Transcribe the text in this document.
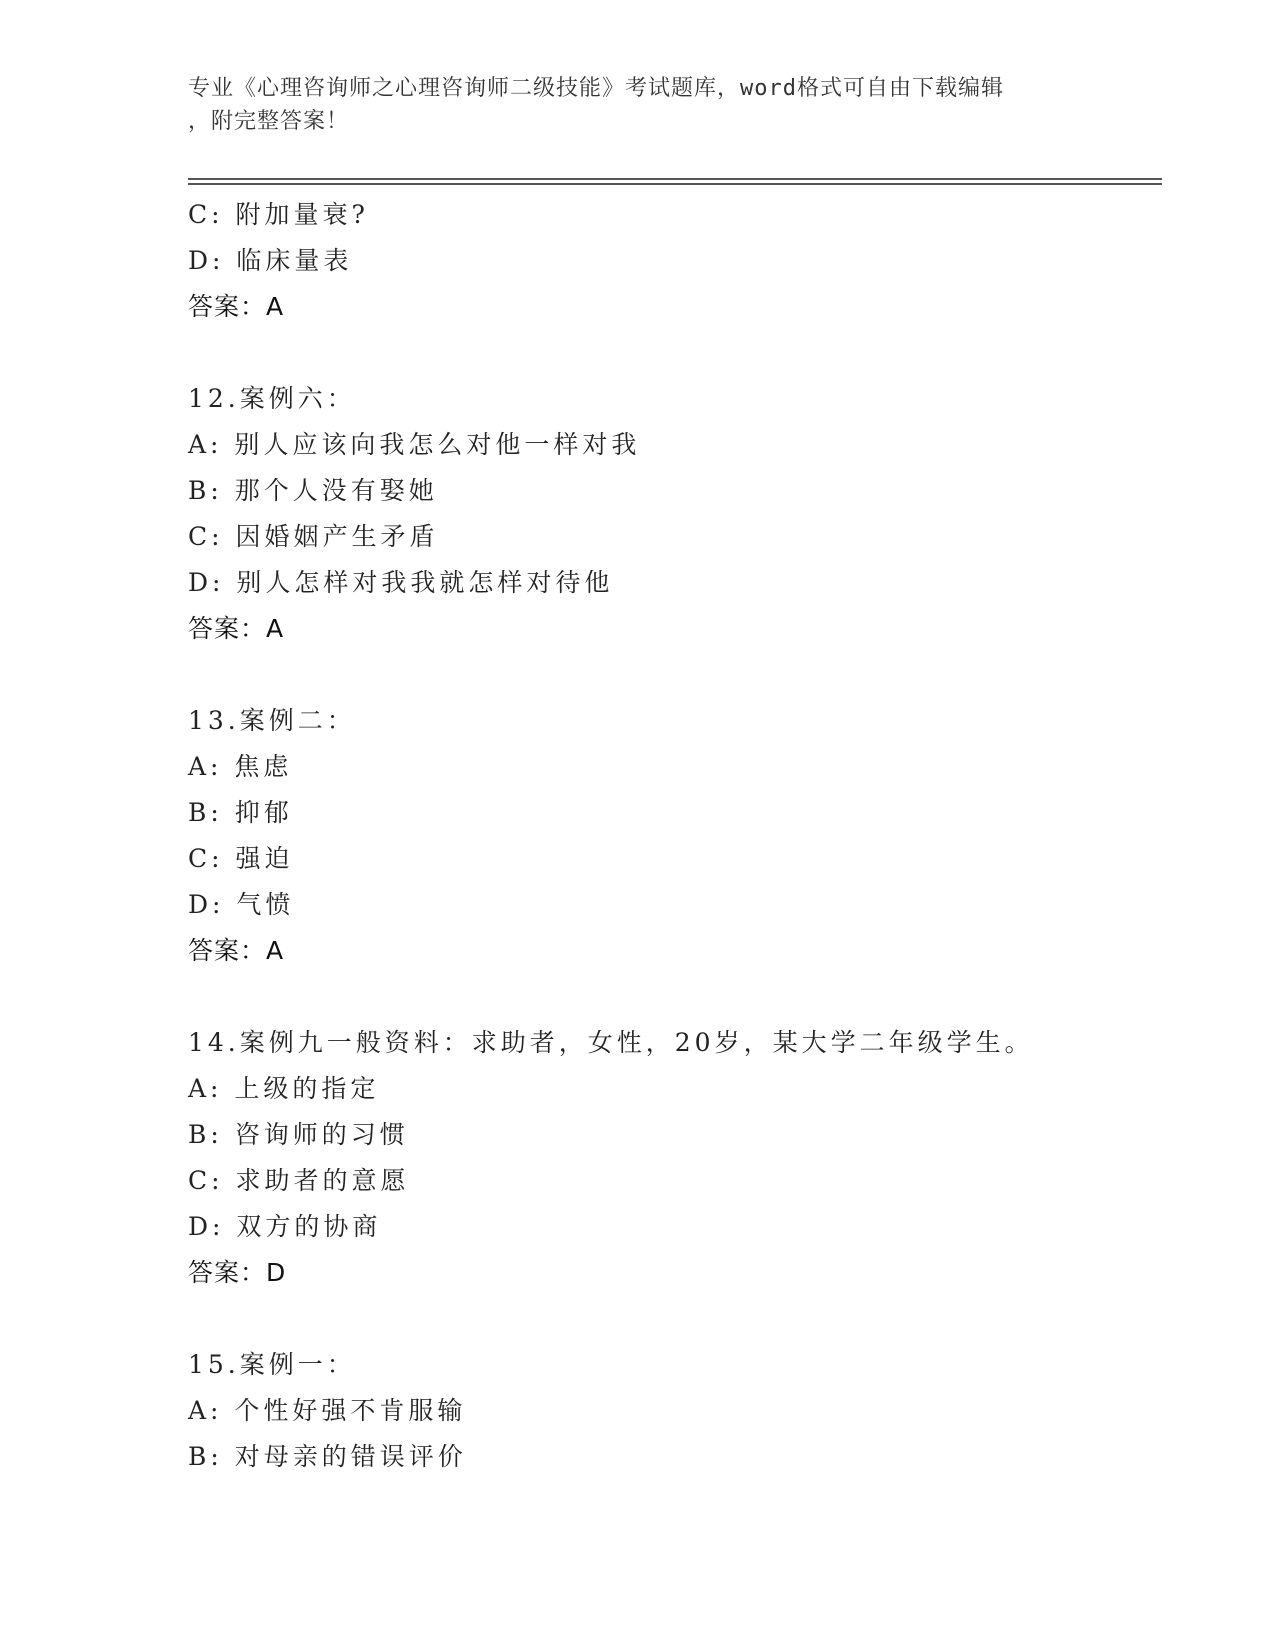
专业《心理咨询师之心理咨询师二级技能》考试题库，word格式可自由下载编辑
，附完整答案！
C: 附加量衰?
D: 临床量表
答案：A
12.案例六：
A: 别人应该向我怎么对他一样对我
B: 那个人没有娶她
C: 因婚姻产生矛盾
D: 别人怎样对我我就怎样对待他
答案：A
13.案例二：
A: 焦虑
B: 抑郁
C: 强迫
D: 气愤
答案：A
14.案例九一般资料：求助者，女性，20岁，某大学二年级学生。
A: 上级的指定
B: 咨询师的习惯
C: 求助者的意愿
D: 双方的协商
答案：D
15.案例一：
A: 个性好强不肯服输
B: 对母亲的错误评价
